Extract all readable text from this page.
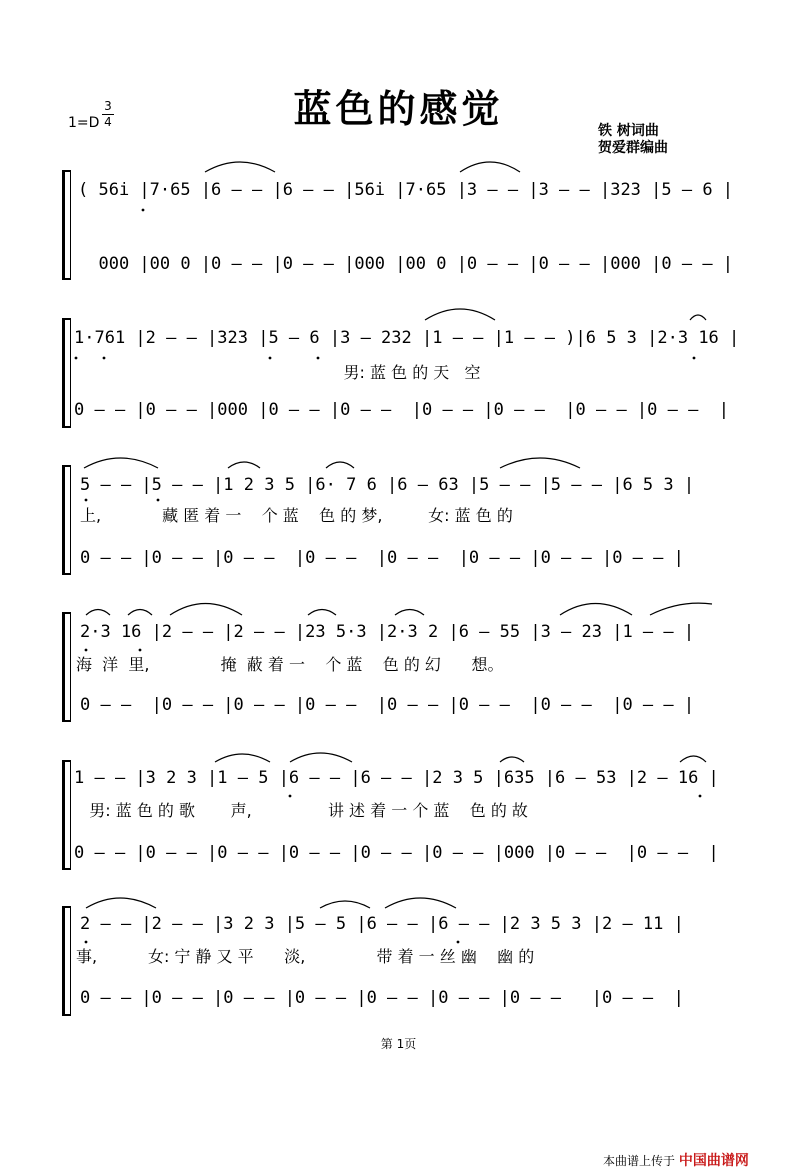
蓝色的感觉
1=D
3
4
铁 树词曲
贺爱群编曲
( 56i |7·65 |6 – – |6 – – |56i |7·65 |3 – – |3 – – |323 |5 – 6 |
000 |00 0 |0 – – |0 – – |000 |00 0 |0 – – |0 – – |000 |0 – – |
1·761 |2 – – |323 |5 – 6 |3 – 232 |1 – – |1 – – )|6 5 3 |2·3 16 |
男: 蓝 色 的 天   空
0 – – |0 – – |000 |0 – – |0 – –  |0 – – |0 – –  |0 – – |0 – –  |
5 – – |5 – – |1 2 3 5 |6· 7 6 |6 – 63 |5 – – |5 – – |6 5 3 |
上,            藏 匿 着 一    个 蓝    色 的 梦,         女: 蓝 色 的
0 – – |0 – – |0 – –  |0 – –  |0 – –  |0 – – |0 – – |0 – – |
2·3 16 |2 – – |2 – – |23 5·3 |2·3 2 |6 – 55 |3 – 23 |1 – – |
海  洋  里,              掩  蔽 着 一    个 蓝    色 的 幻      想。
0 – –  |0 – – |0 – – |0 – –  |0 – – |0 – –  |0 – –  |0 – – |
1 – – |3 2 3 |1 – 5 |6 – – |6 – – |2 3 5 |635 |6 – 53 |2 – 16 |
男: 蓝 色 的 歌       声,               讲 述 着 一 个 蓝    色 的 故
0 – – |0 – – |0 – – |0 – – |0 – – |0 – – |000 |0 – –  |0 – –  |
2 – – |2 – – |3 2 3 |5 – 5 |6 – – |6 – – |2 3 5 3 |2 – 11 |
事,          女: 宁 静 又 平      淡,              带 着 一 丝 幽    幽 的
0 – – |0 – – |0 – – |0 – – |0 – – |0 – – |0 – –   |0 – –  |
第 1页
本曲谱上传于 中国曲谱网
